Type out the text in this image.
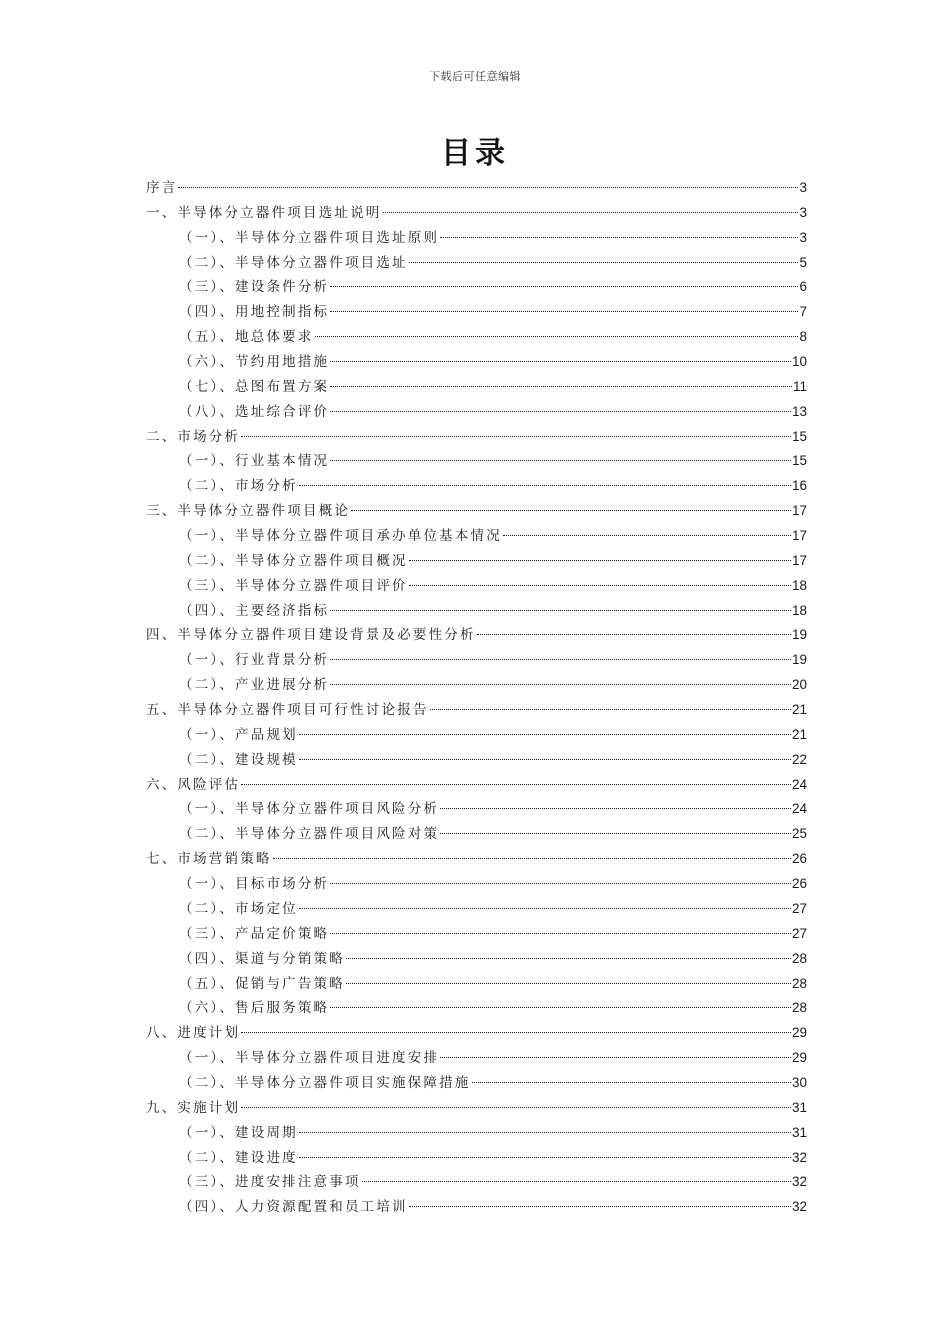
下载后可任意编辑
目录
序言	3
一、半导体分立器件项目选址说明	3
（一）、半导体分立器件项目选址原则	3
（二）、半导体分立器件项目选址	5
（三）、建设条件分析	6
（四）、用地控制指标	7
（五）、地总体要求	8
（六）、节约用地措施	10
（七）、总图布置方案	11
（八）、选址综合评价	13
二、市场分析	15
（一）、行业基本情况	15
（二）、市场分析	16
三、半导体分立器件项目概论	17
（一）、半导体分立器件项目承办单位基本情况	17
（二）、半导体分立器件项目概况	17
（三）、半导体分立器件项目评价	18
（四）、主要经济指标	18
四、半导体分立器件项目建设背景及必要性分析	19
（一）、行业背景分析	19
（二）、产业进展分析	20
五、半导体分立器件项目可行性讨论报告	21
（一）、产品规划	21
（二）、建设规模	22
六、风险评估	24
（一）、半导体分立器件项目风险分析	24
（二）、半导体分立器件项目风险对策	25
七、市场营销策略	26
（一）、目标市场分析	26
（二）、市场定位	27
（三）、产品定价策略	27
（四）、渠道与分销策略	28
（五）、促销与广告策略	28
（六）、售后服务策略	28
八、进度计划	29
（一）、半导体分立器件项目进度安排	29
（二）、半导体分立器件项目实施保障措施	30
九、实施计划	31
（一）、建设周期	31
（二）、建设进度	32
（三）、进度安排注意事项	32
（四）、人力资源配置和员工培训	32
